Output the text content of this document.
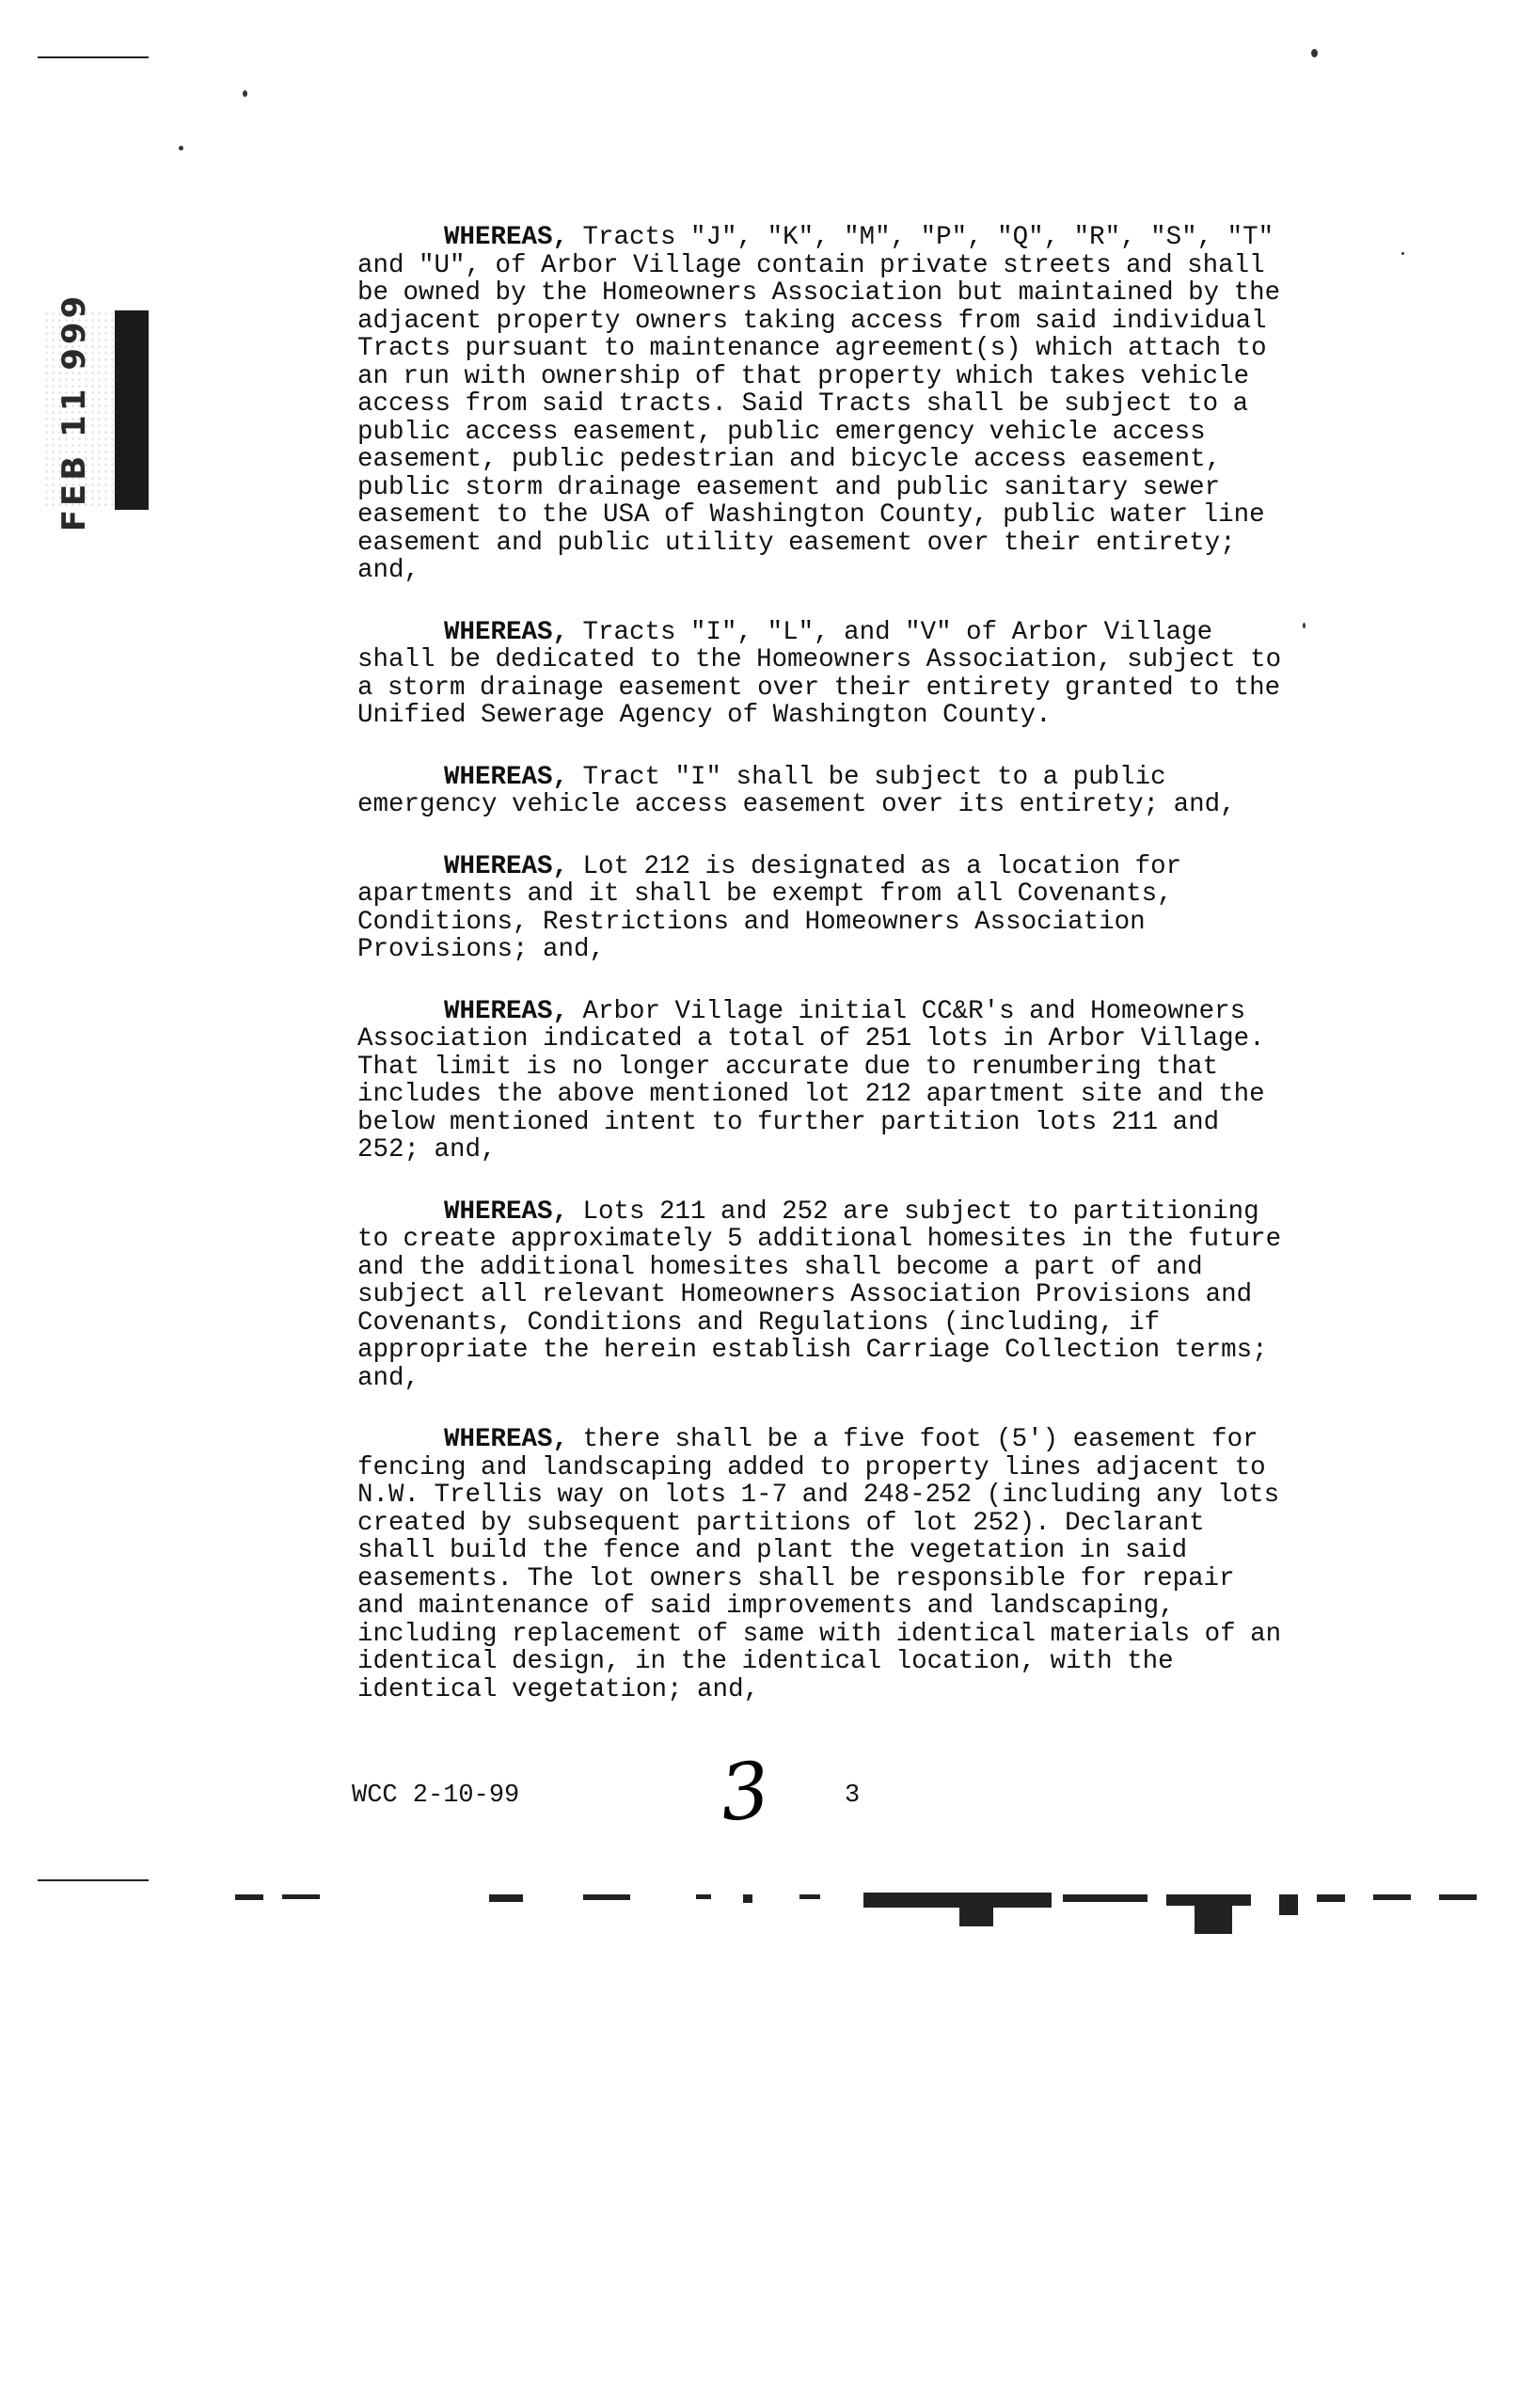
FEB 11 999

WHEREAS, Tracts "J", "K", "M", "P", "Q", "R", "S", "T"
and "U", of Arbor Village contain private streets and shall
be owned by the Homeowners Association but maintained by the
adjacent property owners taking access from said individual
Tracts pursuant to maintenance agreement(s) which attach to
an run with ownership of that property which takes vehicle
access from said tracts. Said Tracts shall be subject to a
public access easement, public emergency vehicle access
easement, public pedestrian and bicycle access easement,
public storm drainage easement and public sanitary sewer
easement to the USA of Washington County, public water line
easement and public utility easement over their entirety;
and,

WHEREAS, Tracts "I", "L", and "V" of Arbor Village
shall be dedicated to the Homeowners Association, subject to
a storm drainage easement over their entirety granted to the
Unified Sewerage Agency of Washington County.

WHEREAS, Tract "I" shall be subject to a public
emergency vehicle access easement over its entirety; and,

WHEREAS, Lot 212 is designated as a location for
apartments and it shall be exempt from all Covenants,
Conditions, Restrictions and Homeowners Association
Provisions; and,

WHEREAS, Arbor Village initial CC&R's and Homeowners
Association indicated a total of 251 lots in Arbor Village.
That limit is no longer accurate due to renumbering that
includes the above mentioned lot 212 apartment site and the
below mentioned intent to further partition lots 211 and
252; and,

WHEREAS, Lots 211 and 252 are subject to partitioning
to create approximately 5 additional homesites in the future
and the additional homesites shall become a part of and
subject all relevant Homeowners Association Provisions and
Covenants, Conditions and Regulations (including, if
appropriate the herein establish Carriage Collection terms;
and,

WHEREAS, there shall be a five foot (5') easement for
fencing and landscaping added to property lines adjacent to
N.W. Trellis way on lots 1-7 and 248-252 (including any lots
created by subsequent partitions of lot 252). Declarant
shall build the fence and plant the vegetation in said
easements. The lot owners shall be responsible for repair
and maintenance of said improvements and landscaping,
including replacement of same with identical materials of an
identical design, in the identical location, with the
identical vegetation; and,

WCC 2-10-99	3	3
